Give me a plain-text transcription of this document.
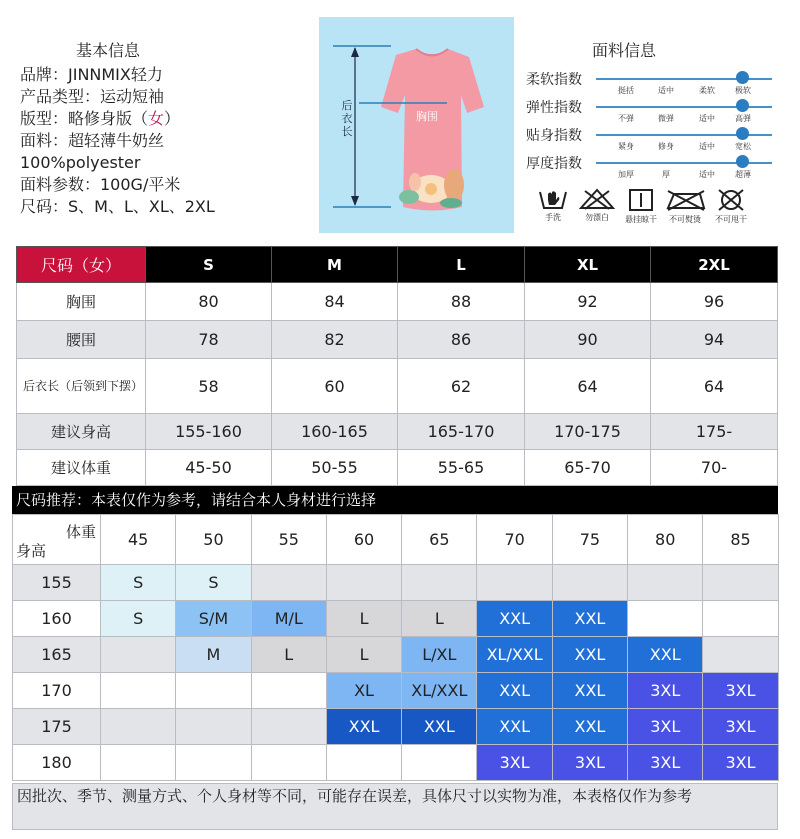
基本信息
品牌：JINNMIX轻力
产品类型：运动短袖
版型：略修身版（女）
面料：超轻薄牛奶丝
100%polyester
面料参数：100G/平米
尺码：S、M、L、XL、2XL
后衣长
胸围
面料信息
柔软指数
挺括	适中	柔软	极软
弹性指数
不弹	微弹	适中	高弹
贴身指数
紧身	修身	适中	宽松
厚度指数
加厚	厚	适中	超薄
手洗	勿漂白	悬挂晾干	不可熨烫	不可甩干
尺码（女）	S	M	L	XL	2XL
胸围	80	84	88	92	96
腰围	78	82	86	90	94
后衣长（后领到下摆）	58	60	62	64	64
建议身高	155-160	160-165	165-170	170-175	175-
建议体重	45-50	50-55	55-65	65-70	70-
尺码推荐：本表仅作为参考，请结合本人身材进行选择
体重
身高	45	50	55	60	65	70	75	80	85
155	S	S							
160	S	S/M	M/L	L	L	XXL	XXL		
165		M	L	L	L/XL	XL/XXL	XXL	XXL	
170				XL	XL/XXL	XXL	XXL	3XL	3XL
175				XXL	XXL	XXL	XXL	3XL	3XL
180						3XL	3XL	3XL	3XL
因批次、季节、测量方式、个人身材等不同，可能存在误差，具体尺寸以实物为准，本表格仅作为参考
